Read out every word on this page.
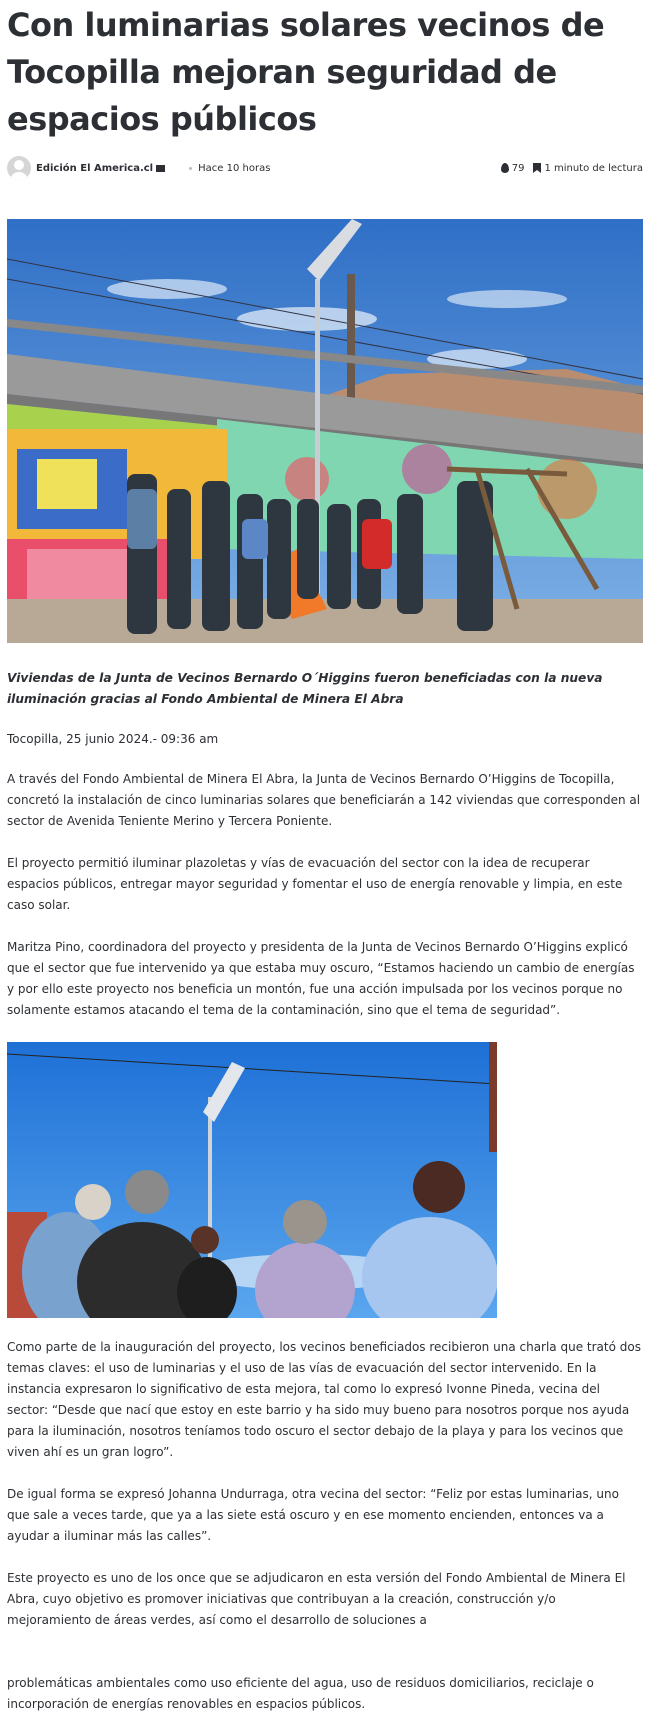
Con luminarias solares vecinos de Tocopilla mejoran seguridad de espacios públicos
Edición El America.cl	Hace 10 horas	79 1 minuto de lectura

Viviendas de la Junta de Vecinos Bernardo O´Higgins fueron beneficiadas con la nueva iluminación gracias al Fondo Ambiental de Minera El Abra

Tocopilla, 25 junio 2024.- 09:36 am

A través del Fondo Ambiental de Minera El Abra, la Junta de Vecinos Bernardo O’Higgins de Tocopilla, concretó la instalación de cinco luminarias solares que beneficiarán a 142 viviendas que corresponden al sector de Avenida Teniente Merino y Tercera Poniente.

El proyecto permitió iluminar plazoletas y vías de evacuación del sector con la idea de recuperar espacios públicos, entregar mayor seguridad y fomentar el uso de energía renovable y limpia, en este caso solar.

Maritza Pino, coordinadora del proyecto y presidenta de la Junta de Vecinos Bernardo O’Higgins explicó que el sector que fue intervenido ya que estaba muy oscuro, “Estamos haciendo un cambio de energías y por ello este proyecto nos beneficia un montón, fue una acción impulsada por los vecinos porque no solamente estamos atacando el tema de la contaminación, sino que el tema de seguridad”.

Como parte de la inauguración del proyecto, los vecinos beneficiados recibieron una charla que trató dos temas claves: el uso de luminarias y el uso de las vías de evacuación del sector intervenido. En la instancia expresaron lo significativo de esta mejora, tal como lo expresó Ivonne Pineda, vecina del sector: “Desde que nací que estoy en este barrio y ha sido muy bueno para nosotros porque nos ayuda para la iluminación, nosotros teníamos todo oscuro el sector debajo de la playa y para los vecinos que viven ahí es un gran logro”.

De igual forma se expresó Johanna Undurraga, otra vecina del sector: “Feliz por estas luminarias, uno que sale a veces tarde, que ya a las siete está oscuro y en ese momento encienden, entonces va a ayudar a iluminar más las calles”.

Este proyecto es uno de los once que se adjudicaron en esta versión del Fondo Ambiental de Minera El Abra, cuyo objetivo es promover iniciativas que contribuyan a la creación, construcción y/o mejoramiento de áreas verdes, así como el desarrollo de soluciones a

problemáticas ambientales como uso eficiente del agua, uso de residuos domiciliarios, reciclaje o incorporación de energías renovables en espacios públicos.
